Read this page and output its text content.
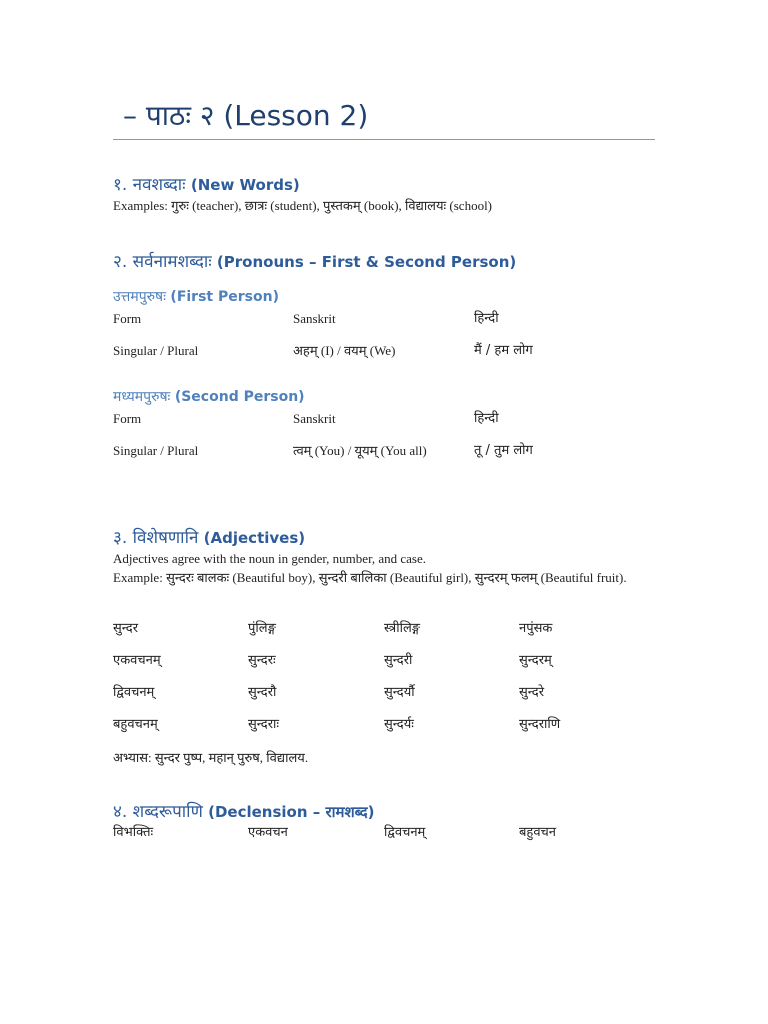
– पाठः २ (Lesson 2)
१. नवशब्दाः (New Words)
Examples: गुरुः (teacher), छात्रः (student), पुस्तकम् (book), विद्यालयः (school)
२. सर्वनामशब्दाः (Pronouns – First & Second Person)
उत्तमपुरुषः (First Person)
Form	Sanskrit	हिन्दी
Singular / Plural	अहम् (I) / वयम् (We)	मैं / हम लोग
मध्यमपुरुषः (Second Person)
Form	Sanskrit	हिन्दी
Singular / Plural	त्वम् (You) / यूयम् (You all)	तू / तुम लोग
३. विशेषणानि (Adjectives)
Adjectives agree with the noun in gender, number, and case.
Example: सुन्दरः बालकः (Beautiful boy), सुन्दरी बालिका (Beautiful girl), सुन्दरम् फलम् (Beautiful fruit).
सुन्दर	पुंलिङ्ग	स्त्रीलिङ्ग	नपुंसक
एकवचनम्	सुन्दरः	सुन्दरी	सुन्दरम्
द्विवचनम्	सुन्दरौ	सुन्दर्यौ	सुन्दरे
बहुवचनम्	सुन्दराः	सुन्दर्यः	सुन्दराणि
अभ्यास: सुन्दर पुष्प, महान् पुरुष, विद्यालय.
४. शब्दरूपाणि (Declension – रामशब्द)
विभक्तिः	एकवचन	द्विवचनम्	बहुवचन
